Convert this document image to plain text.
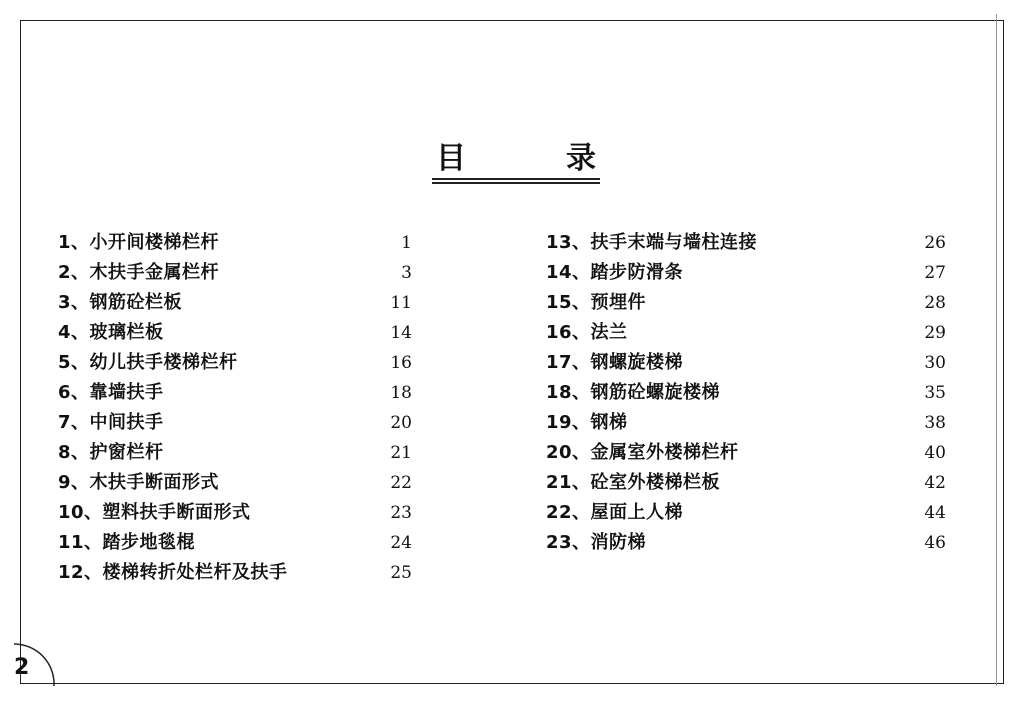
目	录
1、小开间楼梯栏杆	1
2、木扶手金属栏杆	3
3、钢筋砼栏板	11
4、玻璃栏板	14
5、幼儿扶手楼梯栏杆	16
6、靠墙扶手	18
7、中间扶手	20
8、护窗栏杆	21
9、木扶手断面形式	22
10、塑料扶手断面形式	23
11、踏步地毯棍	24
12、楼梯转折处栏杆及扶手	25
13、扶手末端与墙柱连接	26
14、踏步防滑条	27
15、预埋件	28
16、法兰	29
17、钢螺旋楼梯	30
18、钢筋砼螺旋楼梯	35
19、钢梯	38
20、金属室外楼梯栏杆	40
21、砼室外楼梯栏板	42
22、屋面上人梯	44
23、消防梯	46
2
